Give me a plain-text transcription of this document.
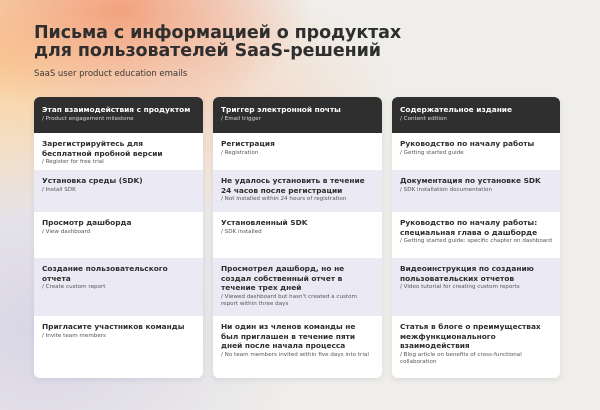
Письма с информацией о продуктах
для пользователей SaaS-решений
SaaS user product education emails
Этап взаимодействия с продуктом
/ Product engagement milestone
Зарегистрируйтесь для бесплатной пробной версии
/ Register for free trial
Установка среды (SDK)
/ Install SDK
Просмотр дашборда
/ View dashboard
Создание пользовательского отчета
/ Create custom report
Пригласите участников команды
/ Invite team members
Триггер электронной почты
/ Email trigger
Регистрация
/ Registration
Не удалось установить в течение 24 часов после регистрации
/ Not installed within 24 hours of registration
Установленный SDK
/ SDK installed
Просмотрел дашборд, но не создал собственный отчет в течение трех дней
/ Viewed dashboard but hasn't created a custom report within three days
Ни один из членов команды не был приглашен в течение пяти дней после начала процесса
/ No team members invited within five days into trial
Содержательное издание
/ Content edition
Руководство по началу работы
/ Getting started guide
Документация по установке SDK
/ SDK installation documentation
Руководство по началу работы: специальная глава о дашборде
/ Getting started guide: specific chapter on dashboard
Видеоинструкция по созданию пользовательских отчетов
/ Video tutorial for creating custom reports
Статья в блоге о преимуществах межфункционального взаимодействия
/ Blog article on benefits of cross-functional collaboration
